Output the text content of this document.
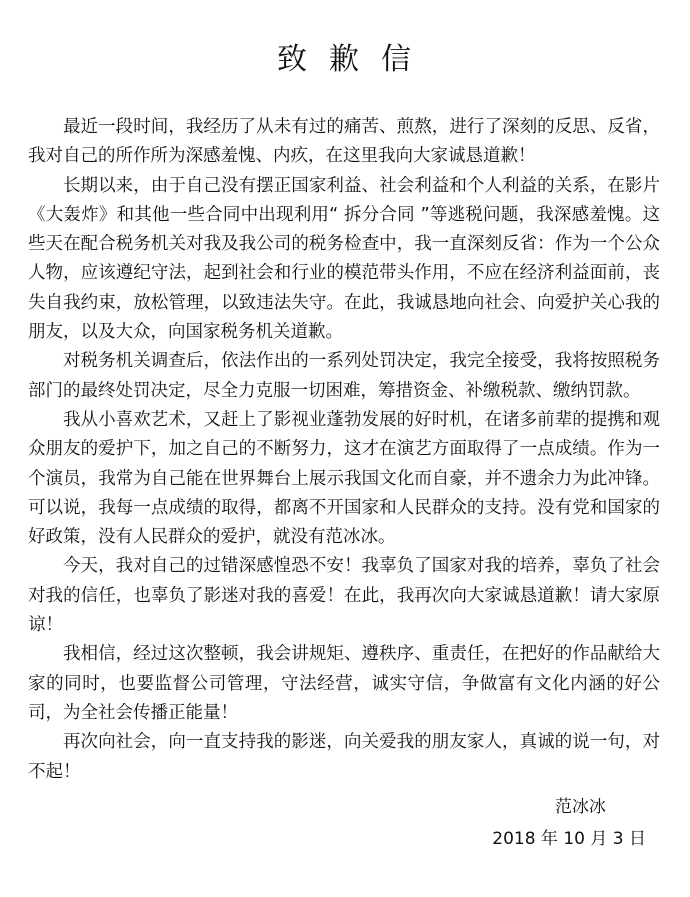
致歉信

最近一段时间，我经历了从未有过的痛苦、煎熬，进行了深刻的反思、反省，我对自己的所作所为深感羞愧、内疚，在这里我向大家诚恳道歉！

长期以来，由于自己没有摆正国家利益、社会利益和个人利益的关系，在影片《大轰炸》和其他一些合同中出现利用“ 拆分合同 ”等逃税问题，我深感羞愧。这些天在配合税务机关对我及我公司的税务检查中，我一直深刻反省：作为一个公众人物，应该遵纪守法，起到社会和行业的模范带头作用，不应在经济利益面前，丧失自我约束，放松管理，以致违法失守。在此，我诚恳地向社会、向爱护关心我的朋友，以及大众，向国家税务机关道歉。

对税务机关调查后，依法作出的一系列处罚决定，我完全接受，我将按照税务部门的最终处罚决定，尽全力克服一切困难，筹措资金、补缴税款、缴纳罚款。

我从小喜欢艺术，又赶上了影视业蓬勃发展的好时机，在诸多前辈的提携和观众朋友的爱护下，加之自己的不断努力，这才在演艺方面取得了一点成绩。作为一个演员，我常为自己能在世界舞台上展示我国文化而自豪，并不遗余力为此冲锋。可以说，我每一点成绩的取得，都离不开国家和人民群众的支持。没有党和国家的好政策，没有人民群众的爱护，就没有范冰冰。

今天，我对自己的过错深感惶恐不安！我辜负了国家对我的培养，辜负了社会对我的信任，也辜负了影迷对我的喜爱！在此，我再次向大家诚恳道歉！请大家原谅！

我相信，经过这次整顿，我会讲规矩、遵秩序、重责任，在把好的作品献给大家的同时，也要监督公司管理，守法经营，诚实守信，争做富有文化内涵的好公司，为全社会传播正能量！

再次向社会，向一直支持我的影迷，向关爱我的朋友家人，真诚的说一句，对不起！

范冰冰
2018 年 10 月 3 日
